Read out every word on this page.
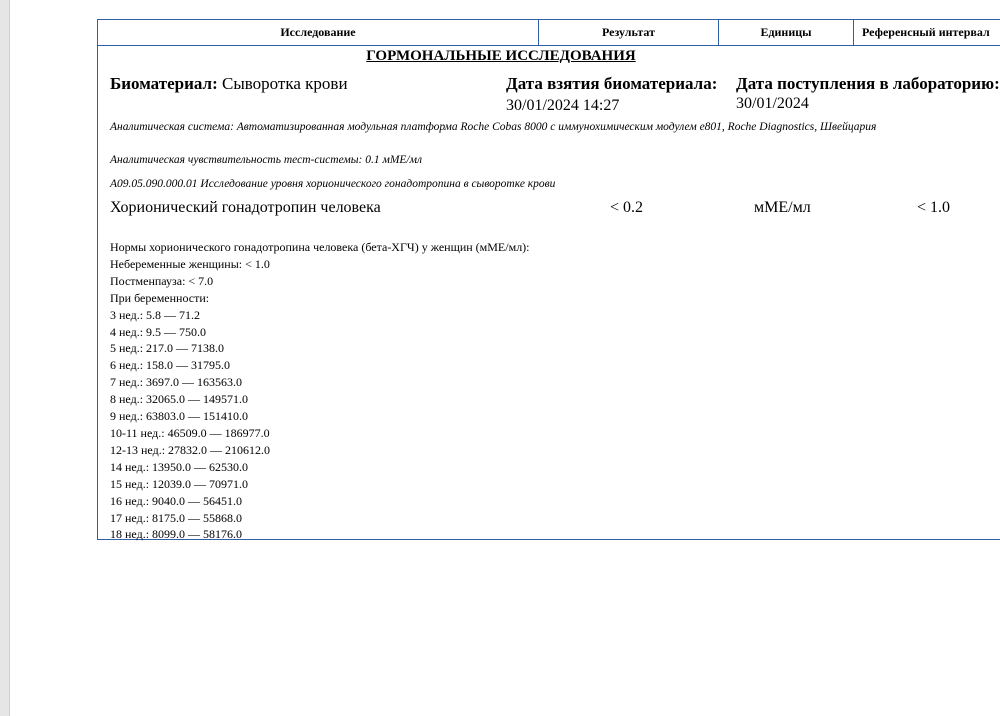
Исследование	Результат	Единицы	Референсный интервал
ГОРМОНАЛЬНЫЕ ИССЛЕДОВАНИЯ
Биоматериал: Сыворотка крови	Дата взятия биоматериала:
30/01/2024 14:27
Дата поступления в лабораторию:
30/01/2024
Аналитическая система: Автоматизированная модульная платформа Roche Cobas 8000 с иммунохимическим модулем e801, Roche Diagnostics, Швейцария
Аналитическая чувствительность тест-системы: 0.1 мМЕ/мл
A09.05.090.000.01 Исследование уровня хорионического гонадотропина в сыворотке крови
Хорионический гонадотропин человека	< 0.2	мМЕ/мл	< 1.0
Нормы хорионического гонадотропина человека (бета-ХГЧ) у женщин (мМЕ/мл):
Небеременные женщины: < 1.0
Постменпауза: < 7.0
При беременности:
3 нед.: 5.8 — 71.2
4 нед.: 9.5 — 750.0
5 нед.: 217.0 — 7138.0
6 нед.: 158.0 — 31795.0
7 нед.: 3697.0 — 163563.0
8 нед.: 32065.0 — 149571.0
9 нед.: 63803.0 — 151410.0
10-11 нед.: 46509.0 — 186977.0
12-13 нед.: 27832.0 — 210612.0
14 нед.: 13950.0 — 62530.0
15 нед.: 12039.0 — 70971.0
16 нед.: 9040.0 — 56451.0
17 нед.: 8175.0 — 55868.0
18 нед.: 8099.0 — 58176.0
